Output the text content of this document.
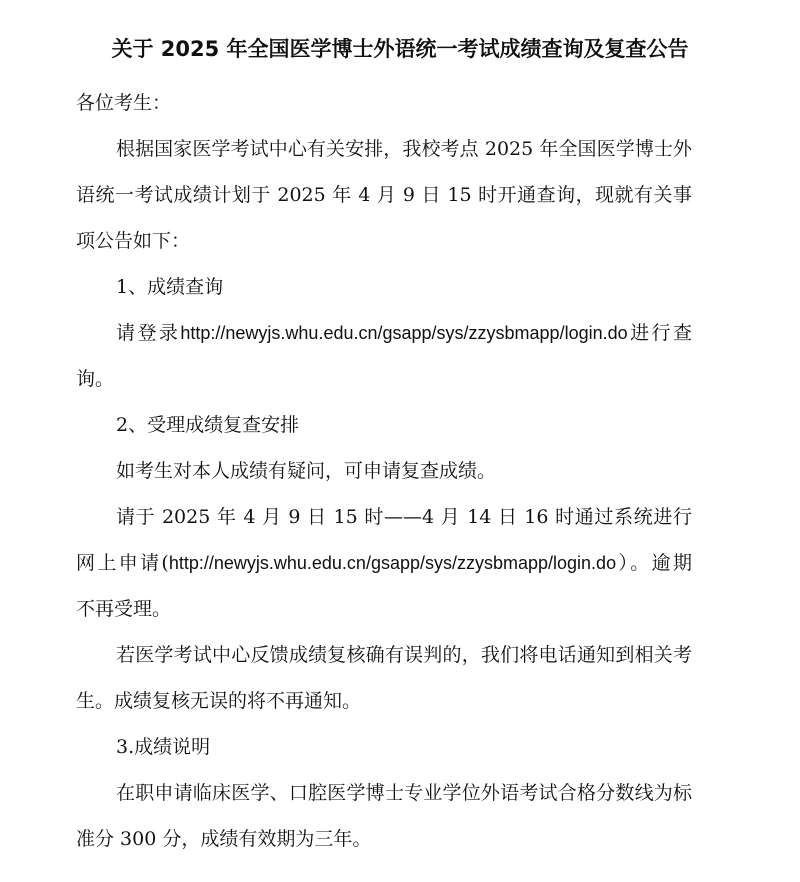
关于 2025 年全国医学博士外语统一考试成绩查询及复查公告

各位考生：

根据国家医学考试中心有关安排，我校考点 2025 年全国医学博士外语统一考试成绩计划于 2025 年 4 月 9 日 15 时开通查询，现就有关事项公告如下：

1、成绩查询

请登录http://newyjs.whu.edu.cn/gsapp/sys/zzysbmapp/login.do进行查询。

2、受理成绩复查安排

如考生对本人成绩有疑问，可申请复查成绩。

请于 2025 年 4 月 9 日 15 时——4 月 14 日 16 时通过系统进行网上申请(http://newyjs.whu.edu.cn/gsapp/sys/zzysbmapp/login.do）。逾期不再受理。

若医学考试中心反馈成绩复核确有误判的，我们将电话通知到相关考生。成绩复核无误的将不再通知。

3.成绩说明

在职申请临床医学、口腔医学博士专业学位外语考试合格分数线为标准分 300 分，成绩有效期为三年。
